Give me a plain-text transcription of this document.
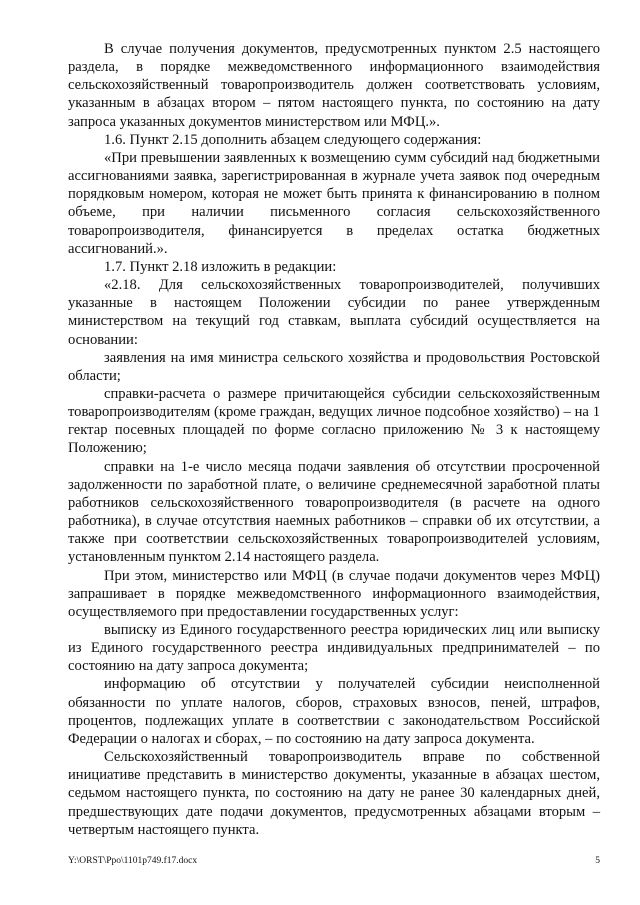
В случае получения документов, предусмотренных пунктом 2.5 настоящего раздела, в порядке межведомственного информационного взаимодействия сельскохозяйственный товаропроизводитель должен соответствовать условиям, указанным в абзацах втором – пятом настоящего пункта, по состоянию на дату запроса указанных документов министерством или МФЦ.».

1.6. Пункт 2.15 дополнить абзацем следующего содержания:

«При превышении заявленных к возмещению сумм субсидий над бюджетными ассигнованиями заявка, зарегистрированная в журнале учета заявок под очередным порядковым номером, которая не может быть принята к финансированию в полном объеме, при наличии письменного согласия сельскохозяйственного товаропроизводителя, финансируется в пределах остатка бюджетных ассигнований.».

1.7. Пункт 2.18 изложить в редакции:

«2.18. Для сельскохозяйственных товаропроизводителей, получивших указанные в настоящем Положении субсидии по ранее утвержденным министерством на текущий год ставкам, выплата субсидий осуществляется на основании:

заявления на имя министра сельского хозяйства и продовольствия Ростовской области;

справки-расчета о размере причитающейся субсидии сельскохозяйственным товаропроизводителям (кроме граждан, ведущих личное подсобное хозяйство) – на 1 гектар посевных площадей по форме согласно приложению № 3 к настоящему Положению;

справки на 1-е число месяца подачи заявления об отсутствии просроченной задолженности по заработной плате, о величине среднемесячной заработной платы работников сельскохозяйственного товаропроизводителя (в расчете на одного работника), в случае отсутствия наемных работников – справки об их отсутствии, а также при соответствии сельскохозяйственных товаропроизводителей условиям, установленным пунктом 2.14 настоящего раздела.

При этом, министерство или МФЦ (в случае подачи документов через МФЦ) запрашивает в порядке межведомственного информационного взаимодействия, осуществляемого при предоставлении государственных услуг:

выписку из Единого государственного реестра юридических лиц или выписку из Единого государственного реестра индивидуальных предпринимателей – по состоянию на дату запроса документа;

информацию об отсутствии у получателей субсидии неисполненной обязанности по уплате налогов, сборов, страховых взносов, пеней, штрафов, процентов, подлежащих уплате в соответствии с законодательством Российской Федерации о налогах и сборах, – по состоянию на дату запроса документа.

Сельскохозяйственный товаропроизводитель вправе по собственной инициативе представить в министерство документы, указанные в абзацах шестом, седьмом настоящего пункта, по состоянию на дату не ранее 30 календарных дней, предшествующих дате подачи документов, предусмотренных абзацами вторым – четвертым настоящего пункта.

Y:\ORST\Ppo\1101p749.f17.docx	5
